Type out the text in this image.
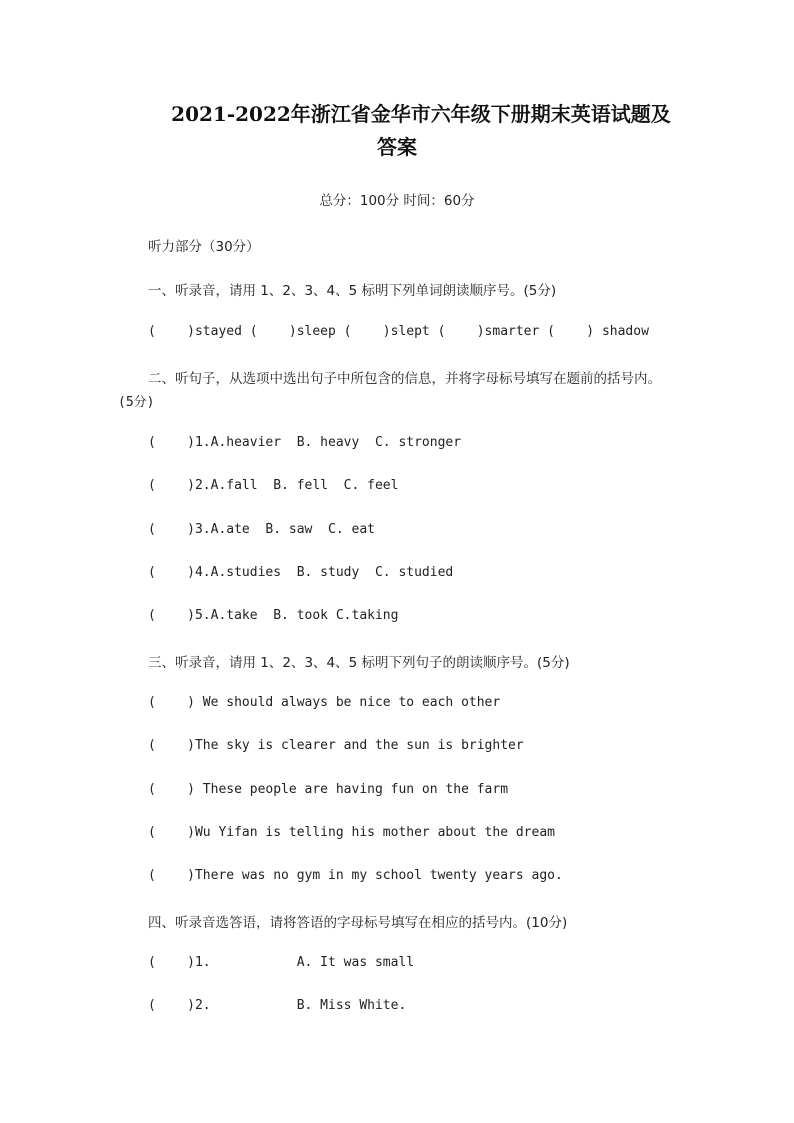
2021-2022年浙江省金华市六年级下册期末英语试题及
答案
总分：100分 时间：60分
听力部分（30分）
一、听录音，请用 1、2、3、4、5 标明下列单词朗读顺序号。(5分)
(    )stayed (    )sleep (    )slept (    )smarter (    ) shadow
二、听句子，从选项中选出句子中所包含的信息，并将字母标号填写在题前的括号内。
(5分)
(    )1.A.heavier  B. heavy  C. stronger
(    )2.A.fall  B. fell  C. feel
(    )3.A.ate  B. saw  C. eat
(    )4.A.studies  B. study  C. studied
(    )5.A.take  B. took C.taking
三、听录音，请用 1、2、3、4、5 标明下列句子的朗读顺序号。(5分)
(    ) We should always be nice to each other
(    )The sky is clearer and the sun is brighter
(    ) These people are having fun on the farm
(    )Wu Yifan is telling his mother about the dream
(    )There was no gym in my school twenty years ago.
四、听录音选答语，请将答语的字母标号填写在相应的括号内。(10分)
(    )1.           A. It was small
(    )2.           B. Miss White.
